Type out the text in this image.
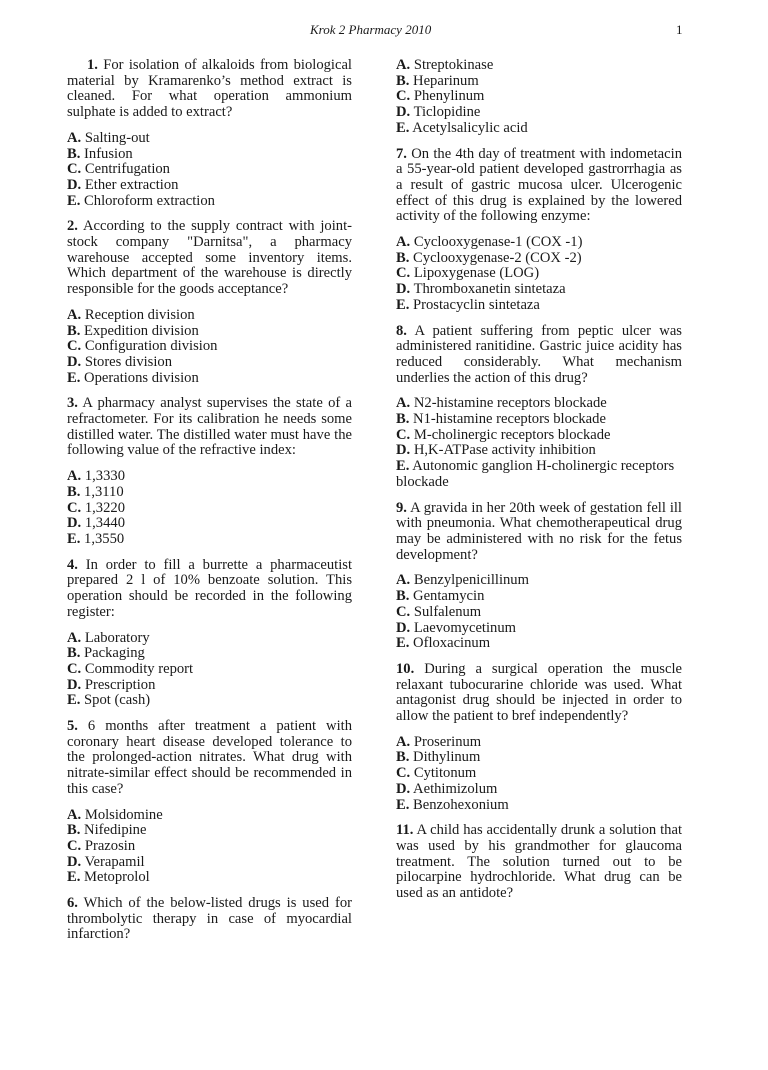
Krok 2 Pharmacy 2010	1
1. For isolation of alkaloids from biological material by Kramarenko’s method extract is cleaned. For what operation ammonium sulphate is added to extract?
A. Salting-out
B. Infusion
C. Centrifugation
D. Ether extraction
E. Chloroform extraction
2. According to the supply contract with joint-stock company "Darnitsa", a pharmacy warehouse accepted some inventory items. Which department of the warehouse is directly responsible for the goods acceptance?
A. Reception division
B. Expedition division
C. Configuration division
D. Stores division
E. Operations division
3. A pharmacy analyst supervises the state of a refractometer. For its calibration he needs some distilled water. The distilled water must have the following value of the refractive index:
A. 1,3330
B. 1,3110
C. 1,3220
D. 1,3440
E. 1,3550
4. In order to fill a burrette a pharmaceutist prepared 2 l of 10% benzoate solution. This operation should be recorded in the following register:
A. Laboratory
B. Packaging
C. Commodity report
D. Prescription
E. Spot (cash)
5. 6 months after treatment a patient with coronary heart disease developed tolerance to the prolonged-action nitrates. What drug with nitrate-similar effect should be recommended in this case?
A. Molsidomine
B. Nifedipine
C. Prazosin
D. Verapamil
E. Metoprolol
6. Which of the below-listed drugs is used for thrombolytic therapy in case of myocardial infarction?
A. Streptokinase
B. Heparinum
C. Phenylinum
D. Ticlopidine
E. Acetylsalicylic acid
7. On the 4th day of treatment with indometacin a 55-year-old patient developed gastrorrhagia as a result of gastric mucosa ulcer. Ulcerogenic effect of this drug is explained by the lowered activity of the following enzyme:
A. Cyclooxygenase-1 (COX -1)
B. Cyclooxygenase-2 (COX -2)
C. Lipoxygenase (LOG)
D. Thromboxanetin sintetaza
E. Prostacyclin sintetaza
8. A patient suffering from peptic ulcer was administered ranitidine. Gastric juice acidity has reduced considerably. What mechanism underlies the action of this drug?
A. N2-histamine receptors blockade
B. N1-histamine receptors blockade
C. M-cholinergic receptors blockade
D. H,K-ATPase activity inhibition
E. Autonomic ganglion H-cholinergic receptors blockade
9. A gravida in her 20th week of gestation fell ill with pneumonia. What chemotherapeutical drug may be administered with no risk for the fetus development?
A. Benzylpenicillinum
B. Gentamycin
C. Sulfalenum
D. Laevomycetinum
E. Ofloxacinum
10. During a surgical operation the muscle relaxant tubocurarine chloride was used. What antagonist drug should be injected in order to allow the patient to bref independently?
A. Proserinum
B. Dithylinum
C. Cytitonum
D. Aethimizolum
E. Benzohexonium
11. A child has accidentally drunk a solution that was used by his grandmother for glaucoma treatment. The solution turned out to be pilocarpine hydrochloride. What drug can be used as an antidote?
